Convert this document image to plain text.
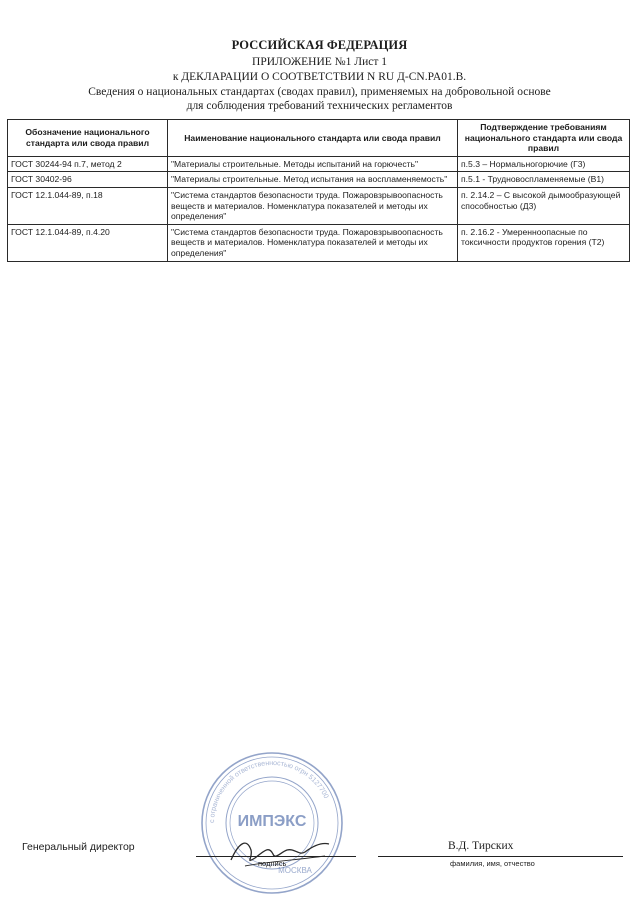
РОССИЙСКАЯ ФЕДЕРАЦИЯ
ПРИЛОЖЕНИЕ №1 Лист 1
к ДЕКЛАРАЦИИ О СООТВЕТСТВИИ N RU Д-CN.PA01.B.
Сведения о национальных стандартах (сводах правил), применяемых на добровольной основе
для соблюдения требований технических регламентов
Обозначение национального стандарта или свода правил	Наименование национального стандарта или свода правил	Подтверждение требованиям национального стандарта или свода правил
ГОСТ 30244-94 п.7, метод 2	"Материалы строительные. Методы испытаний на горючесть"	п.5.3 – Нормальногорючие (Г3)
ГОСТ 30402-96	"Материалы строительные. Метод испытания на воспламеняемость"	п.5.1 - Трудновоспламеняемые (В1)
ГОСТ 12.1.044-89, п.18	"Система стандартов безопасности труда. Пожаровзрывоопасность веществ и материалов. Номенклатура показателей и методы их определения"	п. 2.14.2 – С высокой дымообразующей способностью (Д3)
ГОСТ 12.1.044-89, п.4.20	"Система стандартов безопасности труда. Пожаровзрывоопасность веществ и материалов. Номенклатура показателей и методы их определения"	п. 2.16.2 - Умеренноопасные по токсичности продуктов горения (Т2)
с ограниченной ответственностью огрн 5127700
ИМПЭКС
МОСКВА
Генеральный директор
подпись
В.Д. Тирских
фамилия, имя, отчество
